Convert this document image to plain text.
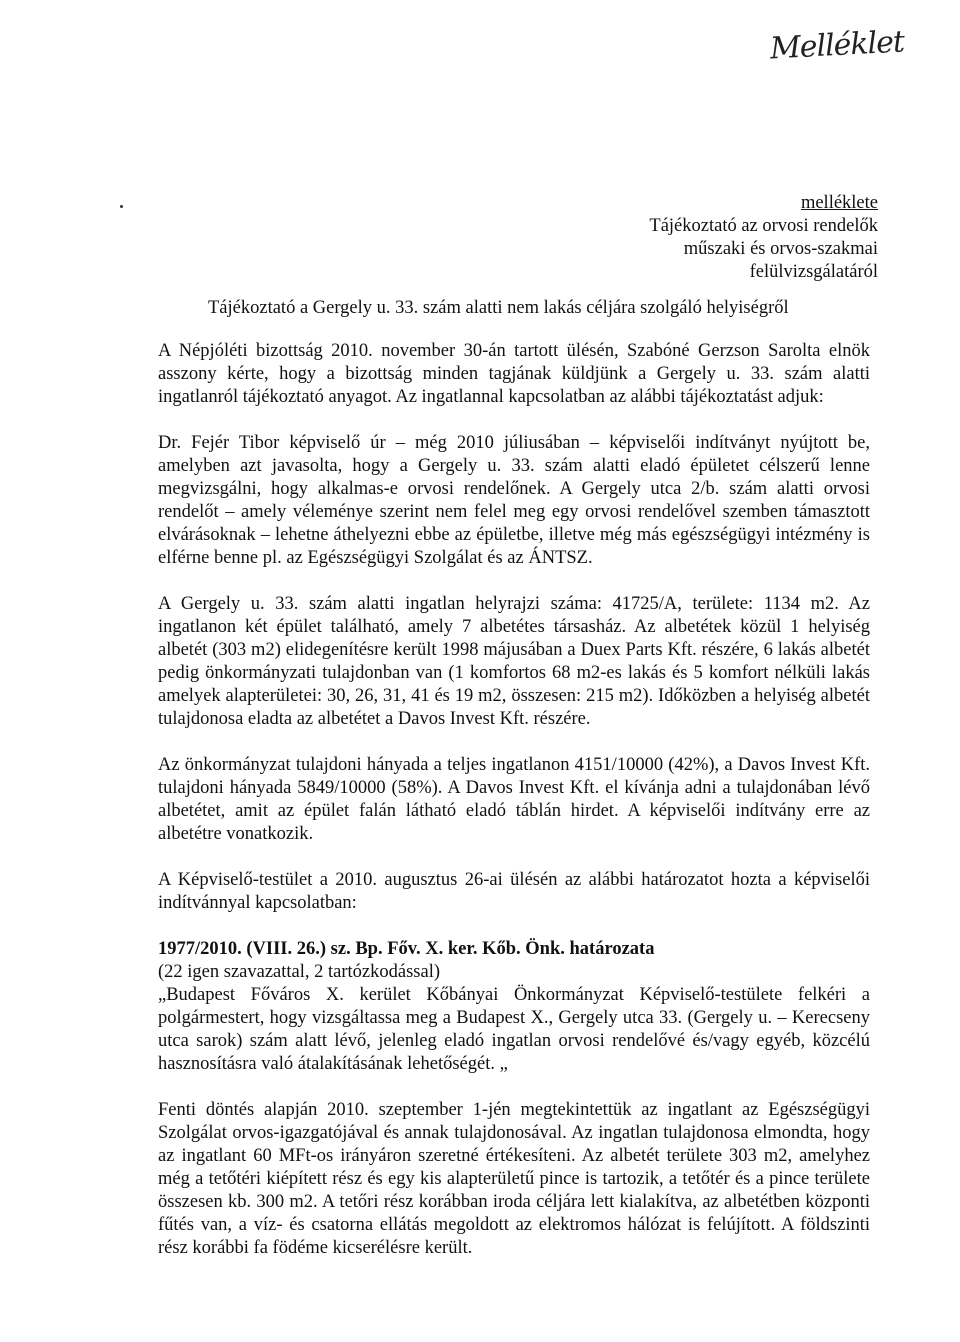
Melléklet
melléklete
Tájékoztató az orvosi rendelők
műszaki és orvos-szakmai
felülvizsgálatáról
Tájékoztató a Gergely u. 33. szám alatti nem lakás céljára szolgáló helyiségről

A Népjóléti bizottság 2010. november 30-án tartott ülésén, Szabóné Gerzson Sarolta elnök asszony kérte, hogy a bizottság minden tagjának küldjünk a Gergely u. 33. szám alatti ingatlanról tájékoztató anyagot. Az ingatlannal kapcsolatban az alábbi tájékoztatást adjuk:

Dr. Fejér Tibor képviselő úr – még 2010 júliusában – képviselői indítványt nyújtott be, amelyben azt javasolta, hogy a Gergely u. 33. szám alatti eladó épületet célszerű lenne megvizsgálni, hogy alkalmas-e orvosi rendelőnek. A Gergely utca 2/b. szám alatti orvosi rendelőt – amely véleménye szerint nem felel meg egy orvosi rendelővel szemben támasztott elvárásoknak – lehetne áthelyezni ebbe az épületbe, illetve még más egészségügyi intézmény is elférne benne pl. az Egészségügyi Szolgálat és az ÁNTSZ.

A Gergely u. 33. szám alatti ingatlan helyrajzi száma: 41725/A, területe: 1134 m2. Az ingatlanon két épület található, amely 7 albetétes társasház. Az albetétek közül 1 helyiség albetét (303 m2) elidegenítésre került 1998 májusában a Duex Parts Kft. részére, 6 lakás albetét pedig önkormányzati tulajdonban van (1 komfortos 68 m2-es lakás és 5 komfort nélküli lakás amelyek alapterületei: 30, 26, 31, 41 és 19 m2, összesen: 215 m2). Időközben a helyiség albetét tulajdonosa eladta az albetétet a Davos Invest Kft. részére.

Az önkormányzat tulajdoni hányada a teljes ingatlanon 4151/10000 (42%), a Davos Invest Kft. tulajdoni hányada 5849/10000 (58%). A Davos Invest Kft. el kívánja adni a tulajdonában lévő albetétet, amit az épület falán látható eladó táblán hirdet. A képviselői indítvány erre az albetétre vonatkozik.

A Képviselő-testület a 2010. augusztus 26-ai ülésén az alábbi határozatot hozta a képviselői indítvánnyal kapcsolatban:

1977/2010. (VIII. 26.) sz. Bp. Főv. X. ker. Kőb. Önk. határozata

(22 igen szavazattal, 2 tartózkodással)

„Budapest Főváros X. kerület Kőbányai Önkormányzat Képviselő-testülete felkéri a polgármestert, hogy vizsgáltassa meg a Budapest X., Gergely utca 33. (Gergely u. – Kerecseny utca sarok) szám alatt lévő, jelenleg eladó ingatlan orvosi rendelővé és/vagy egyéb, közcélú hasznosításra való átalakításának lehetőségét. „

Fenti döntés alapján 2010. szeptember 1-jén megtekintettük az ingatlant az Egészségügyi Szolgálat orvos-igazgatójával és annak tulajdonosával. Az ingatlan tulajdonosa elmondta, hogy az ingatlant 60 MFt-os irányáron szeretné értékesíteni. Az albetét területe 303 m2, amelyhez még a tetőtéri kiépített rész és egy kis alapterületű pince is tartozik, a tetőtér és a pince területe összesen kb. 300 m2. A tetőri rész korábban iroda céljára lett kialakítva, az albetétben központi fűtés van, a víz- és csatorna ellátás megoldott az elektromos hálózat is felújított. A földszinti rész korábbi fa födéme kicserélésre került.
